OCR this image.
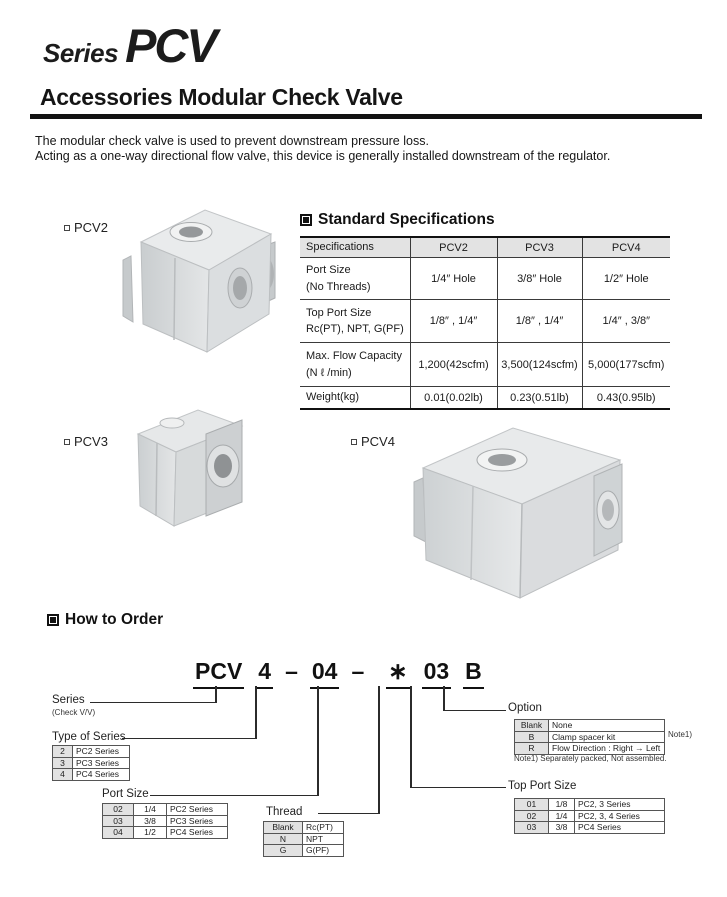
Series PCV
Accessories Modular Check Valve
The modular check valve is used to prevent downstream pressure loss.
Acting as a one-way directional flow valve, this device is generally installed downstream of the regulator.
PCV2
PCV3	PCV4
Standard Specifications
Specifications	PCV2	PCV3	PCV4

Port Size
(No Threads)	1/4″ Hole	3/8″ Hole	1/2″ Hole

Top Port Size
Rc(PT), NPT, G(PF)	1/8″ , 1/4″	1/8″ , 1/4″	1/4″ , 3/8″

Max. Flow Capacity
(N ℓ /min)	1,200(42scfm)	3,500(124scfm)	5,000(177scfm)
Weight(kg)	0.01(0.02lb)	0.23(0.51lb)	0.43(0.95lb)
How to Order
PCV 4 – 04 – ∗ 03 B
Series
(Check V/V)
Type of Series
2	PC2 Series
3	PC3 Series
4	PC4 Series
Port Size
02	1/4	PC2 Series
03	3/8	PC3 Series
04	1/2	PC4 Series
Thread
Blank	Rc(PT)
N	NPT
G	G(PF)
Option
Blank	None
B	Clamp spacer kit
R	Flow Direction : Right → Left
Note1)
Note1) Separately packed, Not assembled.
Top Port Size
01	1/8	PC2, 3 Series
02	1/4	PC2, 3, 4 Series
03	3/8	PC4 Series
